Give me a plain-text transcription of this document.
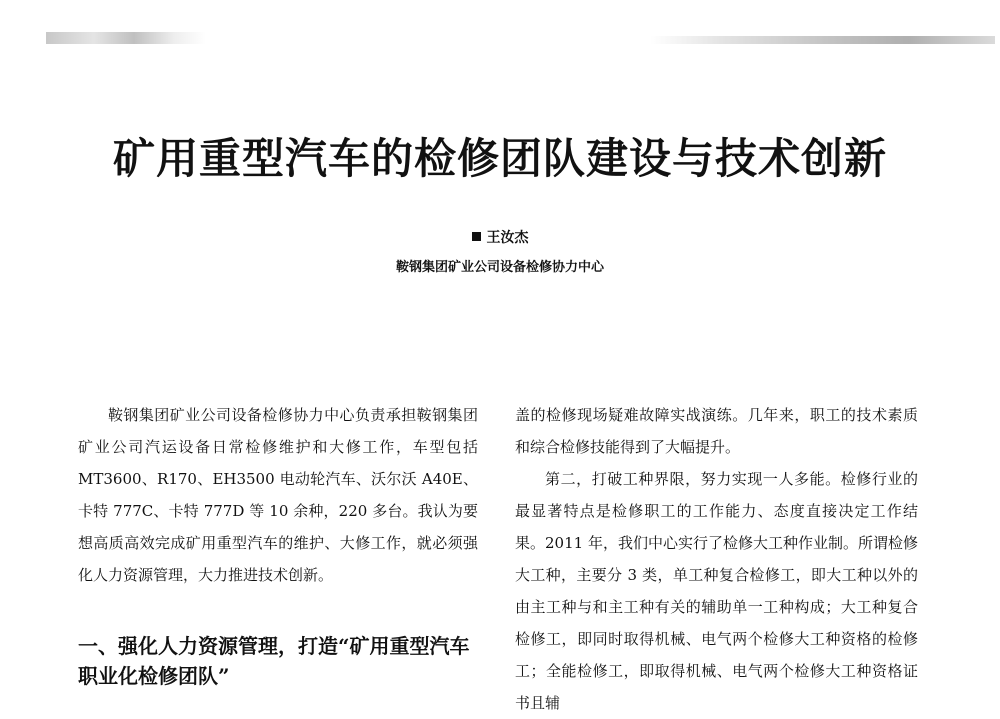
矿用重型汽车的检修团队建设与技术创新
王汝杰
鞍钢集团矿业公司设备检修协力中心

鞍钢集团矿业公司设备检修协力中心负责承担鞍钢集团矿业公司汽运设备日常检修维护和大修工作，车型包括 MT3600、R170、EH3500 电动轮汽车、沃尔沃 A40E、卡特 777C、卡特 777D 等 10 余种，220 多台。我认为要想高质高效完成矿用重型汽车的维护、大修工作，就必须强化人力资源管理，大力推进技术创新。

一、强化人力资源管理，打造“矿用重型汽车职业化检修团队”

盖的检修现场疑难故障实战演练。几年来，职工的技术素质和综合检修技能得到了大幅提升。

第二，打破工种界限，努力实现一人多能。检修行业的最显著特点是检修职工的工作能力、态度直接决定工作结果。2011 年，我们中心实行了检修大工种作业制。所谓检修大工种，主要分 3 类，单工种复合检修工，即大工种以外的由主工种与和主工种有关的辅助单一工种构成；大工种复合检修工，即同时取得机械、电气两个检修大工种资格的检修工；全能检修工，即取得机械、电气两个检修大工种资格证书且辅
